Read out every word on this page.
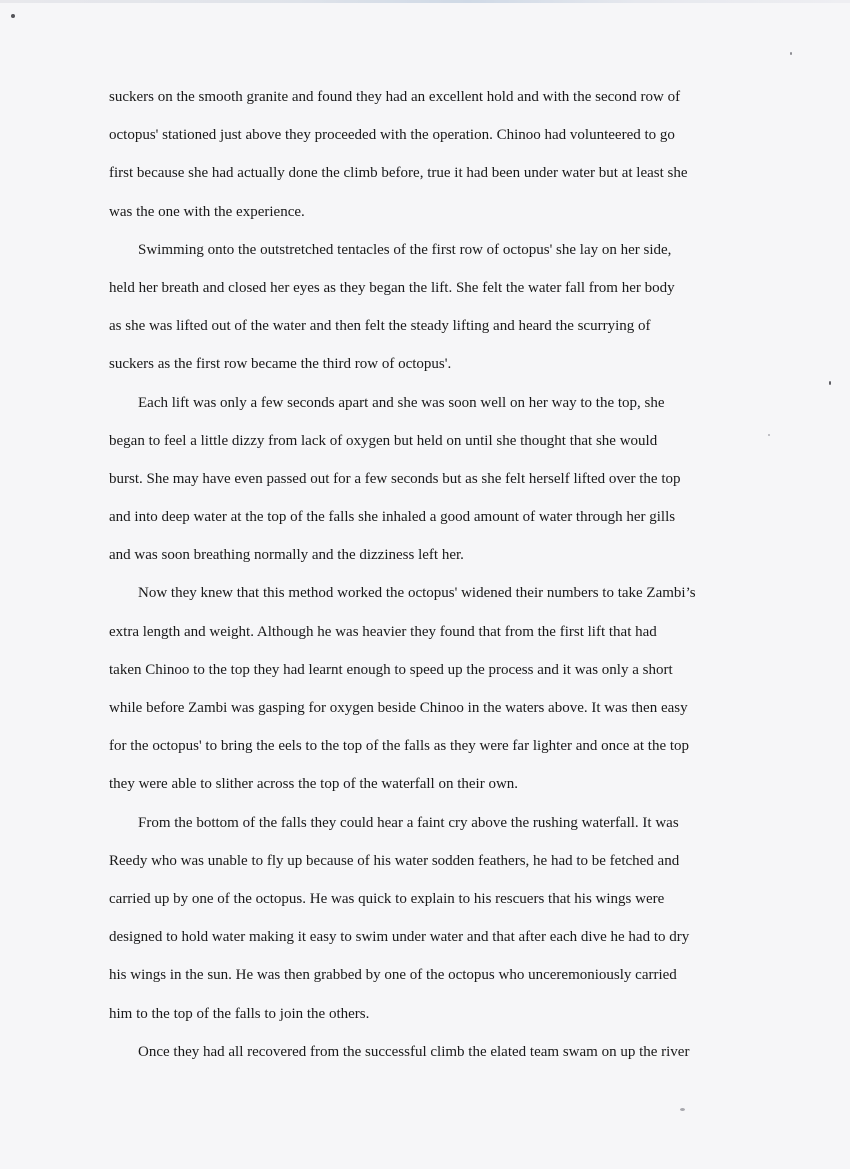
suckers on the smooth granite and found they had an excellent hold and with the second row of
octopus' stationed just above they proceeded with the operation. Chinoo had volunteered to go
first because she had actually done the climb before, true it had been under water but at least she
was the one with the experience.
Swimming onto the outstretched tentacles of the first row of octopus' she lay on her side,
held her breath and closed her eyes as they began the lift. She felt the water fall from her body
as she was lifted out of the water and then felt the steady lifting and heard the scurrying of
suckers as the first row became the third row of octopus'.
Each lift was only a few seconds apart and she was soon well on her way to the top, she
began to feel a little dizzy from lack of oxygen but held on until she thought that she would
burst. She may have even passed out for a few seconds but as she felt herself lifted over the top
and into deep water at the top of the falls she inhaled a good amount of water through her gills
and was soon breathing normally and the dizziness left her.
Now they knew that this method worked the octopus' widened their numbers to take Zambi’s
extra length and weight. Although he was heavier they found that from the first lift that had
taken Chinoo to the top they had learnt enough to speed up the process and it was only a short
while before Zambi was gasping for oxygen beside Chinoo in the waters above. It was then easy
for the octopus' to bring the eels to the top of the falls as they were far lighter and once at the top
they were able to slither across the top of the waterfall on their own.
From the bottom of the falls they could hear a faint cry above the rushing waterfall. It was
Reedy who was unable to fly up because of his water sodden feathers, he had to be fetched and
carried up by one of the octopus. He was quick to explain to his rescuers that his wings were
designed to hold water making it easy to swim under water and that after each dive he had to dry
his wings in the sun. He was then grabbed by one of the octopus who unceremoniously carried
him to the top of the falls to join the others.
Once they had all recovered from the successful climb the elated team swam on up the river
